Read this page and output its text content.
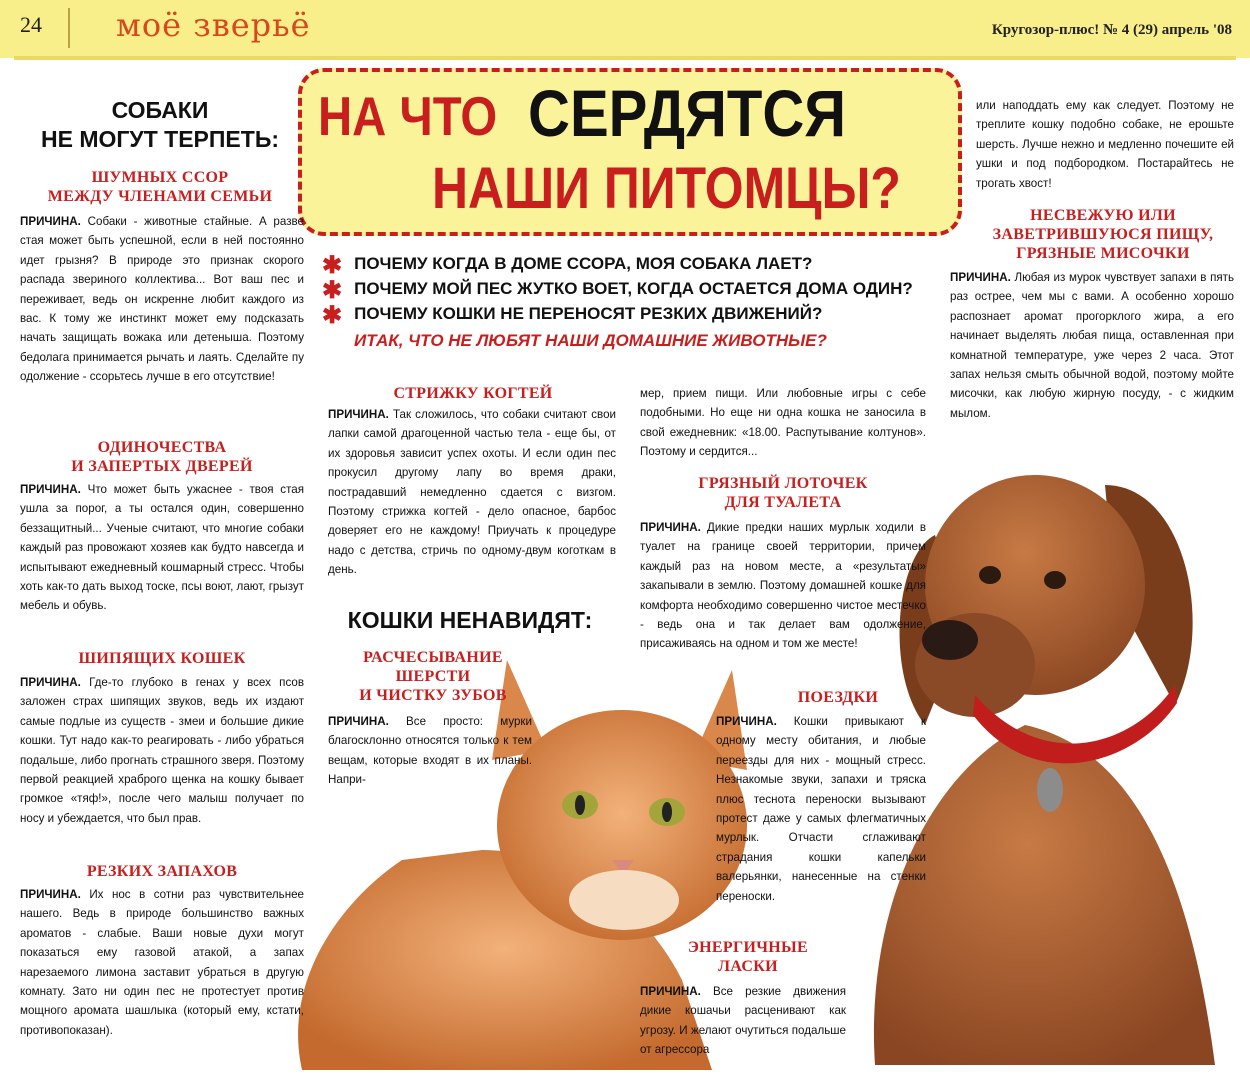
24 моё зверьё	Кругозор-плюс! № 4 (29) апрель '08
НА ЧТО СЕРДЯТСЯ
НАШИ ПИТОМЦЫ?
✱ ПОЧЕМУ КОГДА В ДОМЕ ССОРА, МОЯ СОБАКА ЛАЕТ?
✱ ПОЧЕМУ МОЙ ПЕС ЖУТКО ВОЕТ, КОГДА ОСТАЕТСЯ ДОМА ОДИН?
✱ ПОЧЕМУ КОШКИ НЕ ПЕРЕНОСЯТ РЕЗКИХ ДВИЖЕНИЙ?
ИТАК, ЧТО НЕ ЛЮБЯТ НАШИ ДОМАШНИЕ ЖИВОТНЫЕ?
СОБАКИ
НЕ МОГУТ ТЕРПЕТЬ:
ШУМНЫХ ССОР
МЕЖДУ ЧЛЕНАМИ СЕМЬИ

ПРИЧИНА. Собаки - животные стайные. А разве стая может быть успешной, если в ней постоянно идет грызня? В природе это признак скорого распада звериного коллектива... Вот ваш пес и переживает, ведь он искренне любит каждого из вас. К тому же инстинкт может ему подсказать начать защищать вожака или детеныша. Поэтому бедолага принимается рычать и лаять. Сделайте пу одолжение - ссорьтесь лучше в его отсутствие!

ОДИНОЧЕСТВА
И ЗАПЕРТЫХ ДВЕРЕЙ

ПРИЧИНА. Что может быть ужаснее - твоя стая ушла за порог, а ты остался один, совершенно беззащитный... Ученые считают, что многие собаки каждый раз провожают хозяев как будто навсегда и испытывают ежедневный кошмарный стресс. Чтобы хоть как-то дать выход тоске, псы воют, лают, грызут мебель и обувь.

ШИПЯЩИХ КОШЕК

ПРИЧИНА. Где-то глубоко в генах у всех псов заложен страх шипящих звуков, ведь их издают самые подлые из существ - змеи и большие дикие кошки. Тут надо как-то реагировать - либо убраться подальше, либо прогнать страшного зверя. Поэтому первой реакцией храброго щенка на кошку бывает громкое «тяф!», после чего малыш получает по носу и убеждается, что был прав.

РЕЗКИХ ЗАПАХОВ

ПРИЧИНА. Их нос в сотни раз чувствительнее нашего. Ведь в природе большинство важных ароматов - слабые. Ваши новые духи могут показаться ему газовой атакой, а запах нарезаемого лимона заставит убраться в другую комнату. Зато ни один пес не протестует против мощного аромата шашлыка (который ему, кстати, противопоказан).

СТРИЖКУ КОГТЕЙ

ПРИЧИНА. Так сложилось, что собаки считают свои лапки самой драгоценной частью тела - еще бы, от их здоровья зависит успех охоты. И если один пес прокусил другому лапу во время драки, пострадавший немедленно сдается с визгом. Поэтому стрижка когтей - дело опасное, барбос доверяет его не каждому! Приучать к процедуре надо с детства, стричь по одному-двум коготкам в день.

КОШКИ НЕНАВИДЯТ:
РАСЧЕСЫВАНИЕ
ШЕРСТИ
И ЧИСТКУ ЗУБОВ

ПРИЧИНА. Все просто: мурки благосклонно относятся только к тем вещам, которые входят в их планы. Напри-

мер, прием пищи. Или любовные игры с себе подобными. Но еще ни одна кошка не заносила в свой ежедневник: «18.00. Распутывание колтунов». Поэтому и сердится...

ГРЯЗНЫЙ ЛОТОЧЕК
ДЛЯ ТУАЛЕТА

ПРИЧИНА. Дикие предки наших мурлык ходили в туалет на границе своей территории, причем каждый раз на новом месте, а «результаты» закапывали в землю. Поэтому домашней кошке для комфорта необходимо совершенно чистое местечко - ведь она и так делает вам одолжение, присаживаясь на одном и том же месте!

ПОЕЗДКИ

ПРИЧИНА. Кошки привыкают к одному месту обитания, и любые переезды для них - мощный стресс. Незнакомые звуки, запахи и тряска плюс теснота переноски вызывают протест даже у самых флегматичных мурлык. Отчасти сглаживают страдания кошки капельки валерьянки, нанесенные на стенки переноски.

ЭНЕРГИЧНЫЕ
ЛАСКИ

ПРИЧИНА. Все резкие движения дикие кошачьи расценивают как угрозу. И желают очутиться подальше от агрессора

или наподдать ему как следует. Поэтому не треплите кошку подобно собаке, не ерошьте шерсть. Лучше нежно и медленно почешите ей ушки и под подбородком. Постарайтесь не трогать хвост!

НЕСВЕЖУЮ ИЛИ
ЗАВЕТРИВШУЮСЯ ПИЩУ,
ГРЯЗНЫЕ МИСОЧКИ

ПРИЧИНА. Любая из мурок чувствует запахи в пять раз острее, чем мы с вами. А особенно хорошо распознает аромат прогорклого жира, а его начинает выделять любая пища, оставленная при комнатной температуре, уже через 2 часа. Этот запах нельзя смыть обычной водой, поэтому мойте мисочки, как любую жирную посуду, - с жидким мылом.
